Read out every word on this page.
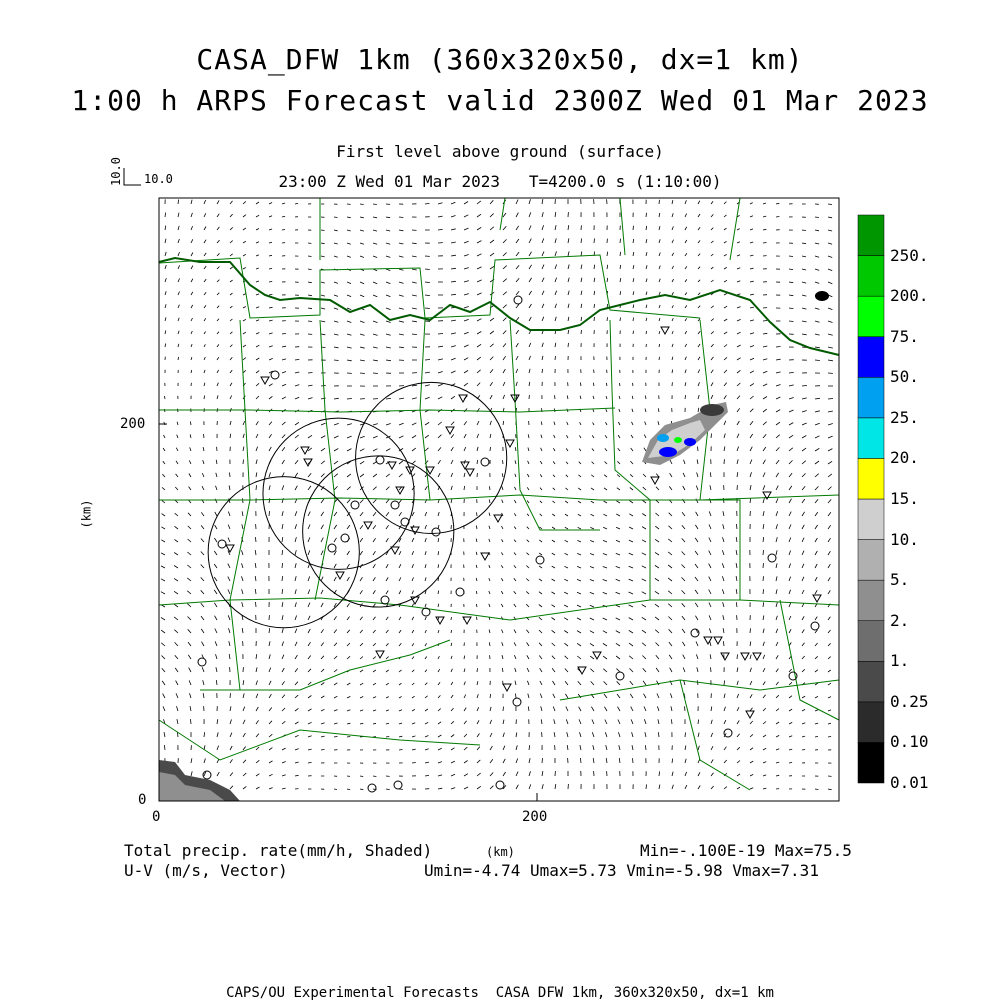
CASA_DFW 1km (360x320x50, dx=1 km)
1:00 h ARPS Forecast valid 2300Z Wed 01 Mar 2023
First level above ground (surface)
23:00 Z Wed 01 Mar 2023   T=4200.0 s (1:10:00)
10.0 10.0
(km)
(km)
0	200
0
200
0.01
0.10
0.25
1.
2.
5.
10.
15.
20.
25.
50.
75.
200.
250.
Total precip. rate(mm/h, Shaded)
U-V (m/s, Vector)
Min=-.100E-19 Max=75.5
Umin=-4.74 Umax=5.73 Vmin=-5.98 Vmax=7.31
CAPS/OU Experimental Forecasts  CASA DFW 1km, 360x320x50, dx=1 km
